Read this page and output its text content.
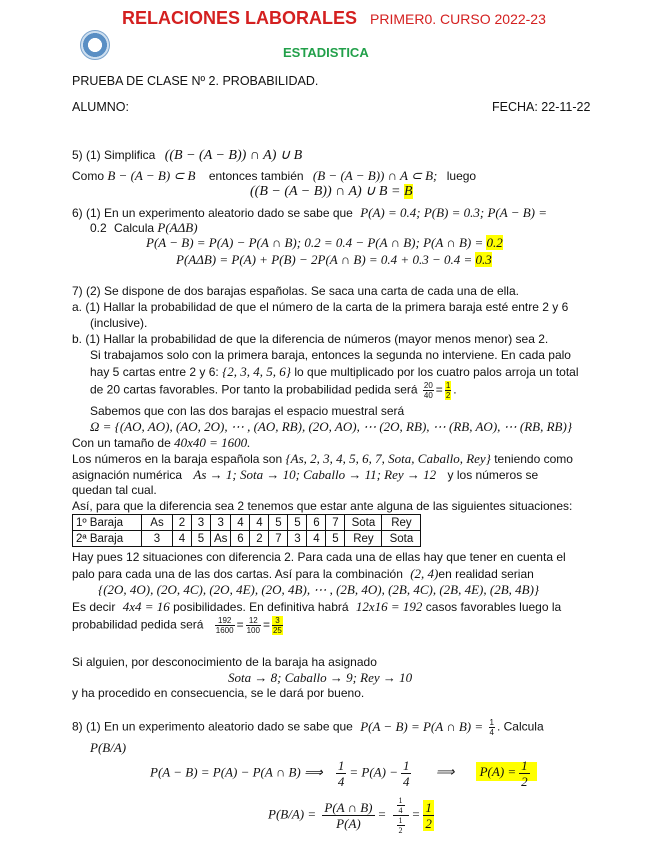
RELACIONES LABORALES PRIMER0. CURSO 2022-23
ESTADISTICA
PRUEBA DE CLASE Nº 2. PROBABILIDAD.
ALUMNO:	FECHA: 22-11-22
5) (1) Simplifica ((B − (A − B)) ∩ A) ∪ B
Como B − (A − B) ⊂ B entonces también (B − (A − B)) ∩ A ⊂ B; luego
((B − (A − B)) ∩ A) ∪ B = B
6) (1) En un experimento aleatorio dado se sabe que P(A) = 0.4; P(B) = 0.3; P(A − B) =
0.2 Calcula P(AΔB)
P(A − B) = P(A) − P(A ∩ B); 0.2 = 0.4 − P(A ∩ B); P(A ∩ B) = 0.2
P(AΔB) = P(A) + P(B) − 2P(A ∩ B) = 0.4 + 0.3 − 0.4 = 0.3
7) (2) Se dispone de dos barajas españolas. Se saca una carta de cada una de ella.
a. (1) Hallar la probabilidad de que el número de la carta de la primera baraja esté entre 2 y 6
(inclusive).
b. (1) Hallar la probabilidad de que la diferencia de números (mayor menos menor) sea 2.
Si trabajamos solo con la primera baraja, entonces la segunda no interviene. En cada palo
hay 5 cartas entre 2 y 6: {2, 3, 4, 5, 6} lo que multiplicado por los cuatro palos arroja un total
de 20 cartas favorables. Por tanto la probabilidad pedida será $\frac{20}{40} = \frac{1}{2}$ .
Sabemos que con las dos barajas el espacio muestral será
Ω = {(AO, AO), (AO, 2O), ⋯ , (AO, RB), (2O, AO), ⋯ (2O, RB), ⋯ (RB, AO), ⋯ (RB, RB)}
Con un tamaño de 40x40 = 1600.
Los números en la baraja española son {As, 2, 3, 4, 5, 6, 7, Sota, Caballo, Rey} teniendo como
asignación numérica As → 1; Sota → 10; Caballo → 11; Rey → 12 y los números se
quedan tal cual.
Así, para que la diferencia sea 2 tenemos que estar ante alguna de las siguientes situaciones:
1º Baraja	As	2	3	3	4	4	5	5	6	7	Sota	Rey
2ª Baraja	3	4	5	As	6	2	7	3	4	5	Rey	Sota
Hay pues 12 situaciones con diferencia 2. Para cada una de ellas hay que tener en cuenta el
palo para cada una de las dos cartas. Así para la combinación (2, 4)en realidad serian
{(2O, 4O), (2O, 4C), (2O, 4E), (2O, 4B), ⋯ , (2B, 4O), (2B, 4C), (2B, 4E), (2B, 4B)}
Es decir 4x4 = 16 posibilidades. En definitiva habrá 12x16 = 192 casos favorables luego la
probabilidad pedida será $\frac{192}{1600} = \frac{12}{100} = \frac{3}{25}$
Si alguien, por desconocimiento de la baraja ha asignado
Sota → 8; Caballo → 9; Rey → 10
y ha procedido en consecuencia, se le dará por bueno.
8) (1) En un experimento aleatorio dado se sabe que P(A − B) = P(A ∩ $B) = \frac{1}{4}$ . Calcula
P(B/A)
P(A − B) = P(A) − P(A ∩ B) ⟹ $\frac{1}{4} = P(A) - \frac{1}{4}$ ⟹ $P(A) = \frac{1}{2}$
$P(B/A) = \frac{P(A \cap B)}{P(A)} = \frac{\frac{1}{4}}{\frac{1}{2}} = \frac{1}{2}$
